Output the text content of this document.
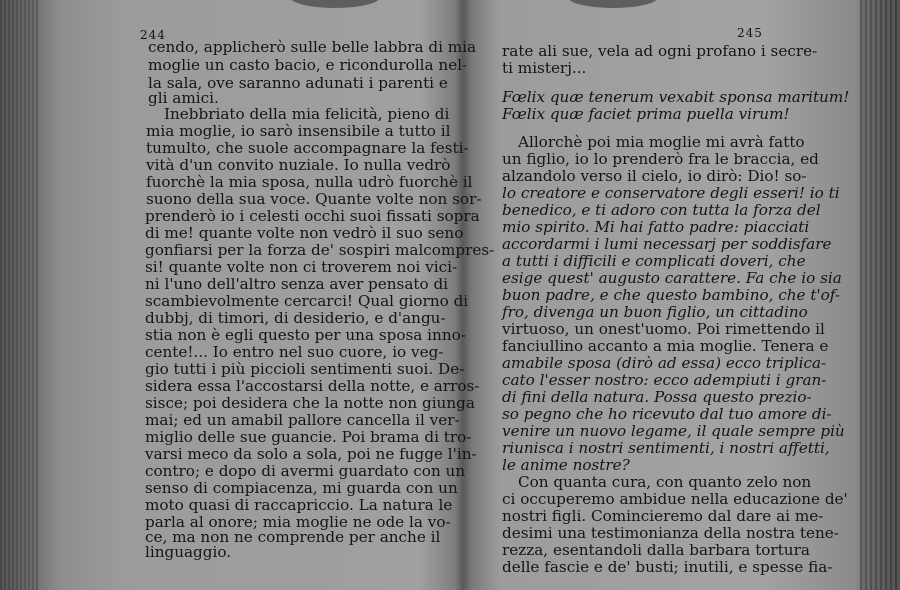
244
cendo, applicherò sulle belle labbra di mia
moglie un casto bacio, e ricondurolla nel-
la sala, ove saranno adunati i parenti e
gli amici.
Inebbriato della mia felicità, pieno di
mia moglie, io sarò insensibile a tutto il
tumulto, che suole accompagnare la festi-
vità d'un convito nuziale. Io nulla vedrò
fuorchè la mia sposa, nulla udrò fuorchè il
suono della sua voce. Quante volte non sor-
prenderò io i celesti occhi suoi fissati sopra
di me! quante volte non vedrò il suo seno
gonfiarsi per la forza de' sospiri malcompres-
si! quante volte non ci troverem noi vici-
ni l'uno dell'altro senza aver pensato di
scambievolmente cercarci! Qual giorno di
dubbj, di timori, di desiderio, e d'angu-
stia non è egli questo per una sposa inno-
cente!... Io entro nel suo cuore, io veg-
gio tutti i più piccioli sentimenti suoi. De-
sidera essa l'accostarsi della notte, e arros-
sisce; poi desidera che la notte non giunga
mai; ed un amabil pallore cancella il ver-
miglio delle sue guancie. Poi brama di tro-
varsi meco da solo a sola, poi ne fugge l'in-
contro; e dopo di avermi guardato con un
senso di compiacenza, mi guarda con un
moto quasi di raccapriccio. La natura le
parla al onore; mia moglie ne ode la vo-
ce, ma non ne comprende per anche il
linguaggio.
245
rate ali sue, vela ad ogni profano i secre-
ti misterj...
Fœlix quæ tenerum vexabit sponsa maritum!
Fœlix quæ faciet prima puella virum!
Allorchè poi mia moglie mi avrà fatto
un figlio, io lo prenderò fra le braccia, ed
alzandolo verso il cielo, io dirò: Dio! so-
lo creatore e conservatore degli esseri! io ti
benedico, e ti adoro con tutta la forza del
mio spirito. Mi hai fatto padre: piacciati
accordarmi i lumi necessarj per soddisfare
a tutti i difficili e complicati doveri, che
esige quest' augusto carattere. Fa che io sia
buon padre, e che questo bambino, che t'of-
fro, divenga un buon figlio, un cittadino
virtuoso, un onest'uomo. Poi rimettendo il
fanciullino accanto a mia moglie. Tenera e
amabile sposa (dirò ad essa) ecco triplica-
cato l'esser nostro: ecco adempiuti i gran-
di fini della natura. Possa questo prezio-
so pegno che ho ricevuto dal tuo amore di-
venire un nuovo legame, il quale sempre più
riunisca i nostri sentimenti, i nostri affetti,
le anime nostre?
Con quanta cura, con quanto zelo non
ci occuperemo ambidue nella educazione de'
nostri figli. Comincieremo dal dare ai me-
desimi una testimonianza della nostra tene-
rezza, esentandoli dalla barbara tortura
delle fascie e de' busti; inutili, e spesse fia-
